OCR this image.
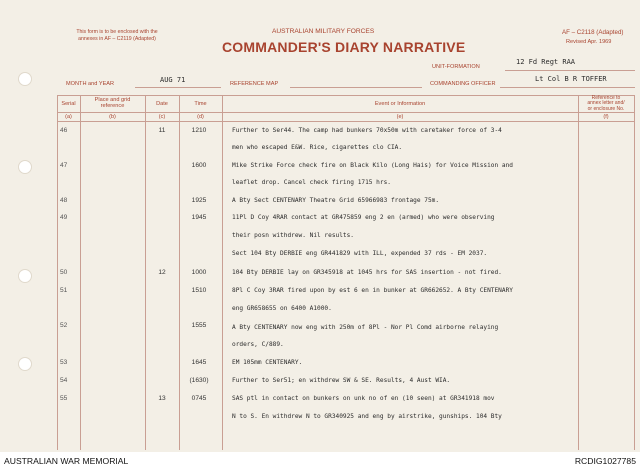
This form is to be enclosed with the
annexes in AF – C2119 (Adapted)
AUSTRALIAN MILITARY FORCES
COMMANDER'S DIARY NARRATIVE
AF – C2118 (Adapted)
Revised Apr. 1969
UNIT-FORMATION
12 Fd Regt RAA
MONTH and YEAR	AUG 71	REFERENCE MAP	COMMANDING OFFICER
Lt Col B R TOFFER
Serial
Place and grid
reference	Date	Time	Event or Information
Reference to
annex letter and/
or enclosure No.
(a)	(b)	(c)	(d)	(e)	(f)
46	11	1210	Further to Ser44. The camp had bunkers 70x50m with caretaker force of 3-4
men who escaped E&W. Rice, cigarettes clo CIA.
47	1600	Mike Strike Force check fire on Black Kilo (Long Hais) for Voice Mission and
leaflet drop. Cancel check firing 1715 hrs.
48	1925	A Bty Sect CENTENARY Theatre Grid 65966983 frontage 75m.
49	1945	11Pl D Coy 4RAR contact at GR475859 eng 2 en (armed) who were observing
their posn withdrew. Nil results.
Sect 104 Bty DERBIE eng GR441829 with ILL, expended 37 rds - EM 2037.
50	12	1000	104 Bty DERBIE lay on GR345918 at 1045 hrs for SAS insertion - not fired.
51	1510	8Pl C Coy 3RAR fired upon by est 6 en in bunker at GR662652. A Bty CENTENARY
eng GR658655 on 6400 A1000.
52	1555	A Bty CENTENARY now eng with 250m of 8Pl - Nor Pl Comd airborne relaying
orders, C/889.
53	1645	EM 105mm CENTENARY.
54	(1630)	Further to Ser51; en withdrew SW & SE. Results, 4 Aust WIA.
55	13	0745	SAS ptl in contact on bunkers on unk no of en (10 seen) at GR341918 mov
N to S. En withdrew N to GR340925 and eng by airstrike, gunships. 104 Bty
AUSTRALIAN WAR MEMORIAL	RCDIG1027785
